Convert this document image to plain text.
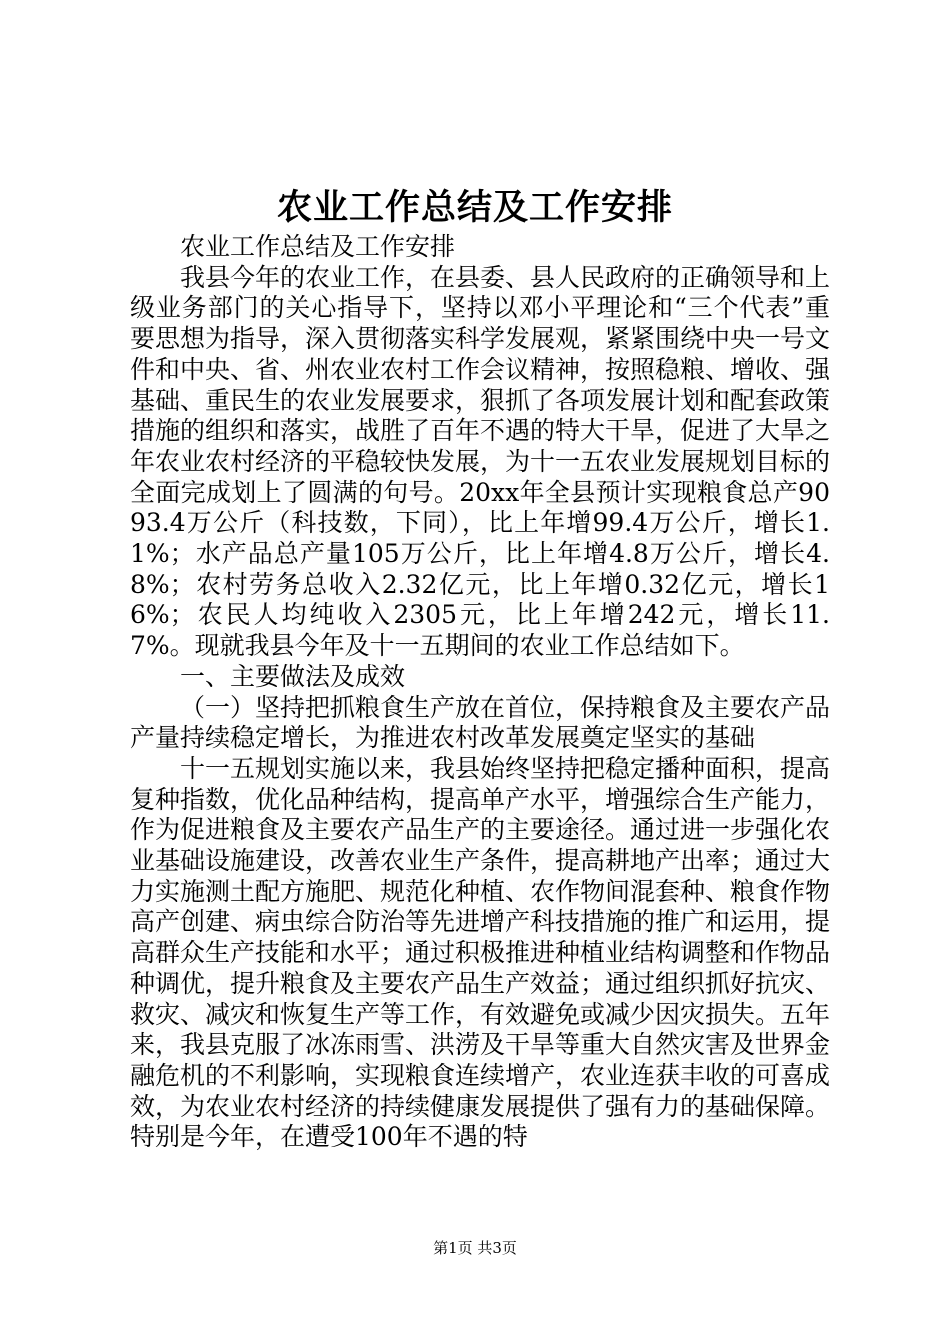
农业工作总结及工作安排

农业工作总结及工作安排

我县今年的农业工作，在县委、县人民政府的正确领导和上级业务部门的关心指导下，坚持以邓小平理论和“三个代表”重要思想为指导，深入贯彻落实科学发展观，紧紧围绕中央一号文件和中央、省、州农业农村工作会议精神，按照稳粮、增收、强基础、重民生的农业发展要求，狠抓了各项发展计划和配套政策措施的组织和落实，战胜了百年不遇的特大干旱，促进了大旱之年农业农村经济的平稳较快发展，为十一五农业发展规划目标的全面完成划上了圆满的句号。20xx年全县预计实现粮食总产9093.4万公斤（科技数，下同），比上年增99.4万公斤，增长1.1%；水产品总产量105万公斤，比上年增4.8万公斤，增长4.8%；农村劳务总收入2.32亿元，比上年增0.32亿元，增长16%；农民人均纯收入2305元，比上年增242元，增长11.7%。现就我县今年及十一五期间的农业工作总结如下。

一、主要做法及成效

（一）坚持把抓粮食生产放在首位，保持粮食及主要农产品产量持续稳定增长，为推进农村改革发展奠定坚实的基础

十一五规划实施以来，我县始终坚持把稳定播种面积，提高复种指数，优化品种结构，提高单产水平，增强综合生产能力，作为促进粮食及主要农产品生产的主要途径。通过进一步强化农业基础设施建设，改善农业生产条件，提高耕地产出率；通过大力实施测土配方施肥、规范化种植、农作物间混套种、粮食作物高产创建、病虫综合防治等先进增产科技措施的推广和运用，提高群众生产技能和水平；通过积极推进种植业结构调整和作物品种调优，提升粮食及主要农产品生产效益；通过组织抓好抗灾、救灾、减灾和恢复生产等工作，有效避免或减少因灾损失。五年来，我县克服了冰冻雨雪、洪涝及干旱等重大自然灾害及世界金融危机的不利影响，实现粮食连续增产，农业连获丰收的可喜成效，为农业农村经济的持续健康发展提供了强有力的基础保障。特别是今年，在遭受100年不遇的特

第1页 共3页
